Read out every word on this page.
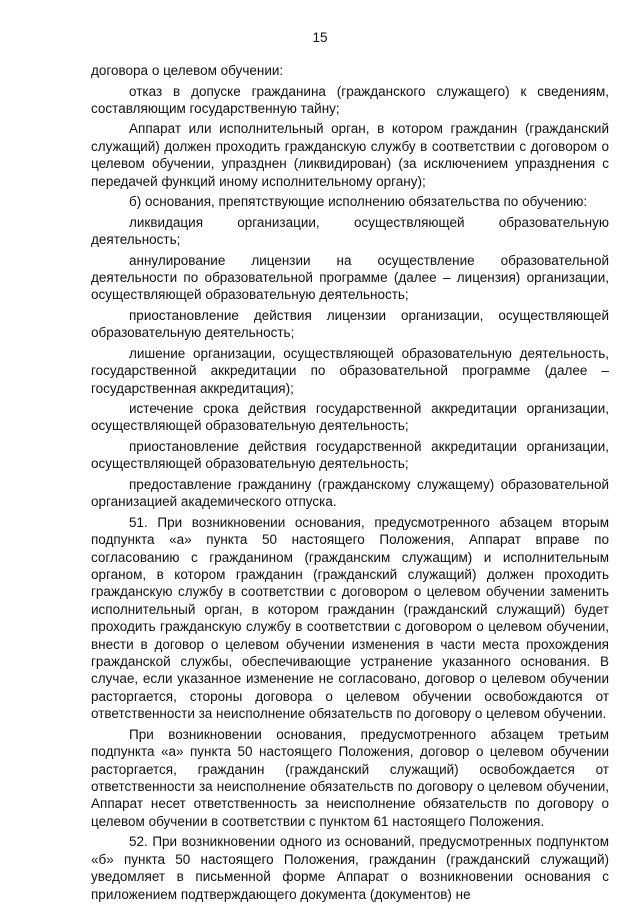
15

договора о целевом обучении:

отказ в допуске гражданина (гражданского служащего) к сведениям, составляющим государственную тайну;

Аппарат или исполнительный орган, в котором гражданин (гражданский служащий) должен проходить гражданскую службу в соответствии с договором о целевом обучении, упразднен (ликвидирован) (за исключением упразднения с передачей функций иному исполнительному органу);

б) основания, препятствующие исполнению обязательства по обучению:

ликвидация организации, осуществляющей образовательную деятельность;

аннулирование лицензии на осуществление образовательной деятельности по образовательной программе (далее – лицензия) организации, осуществляющей образовательную деятельность;

приостановление действия лицензии организации, осуществляющей образовательную деятельность;

лишение организации, осуществляющей образовательную деятельность, государственной аккредитации по образовательной программе (далее – государственная аккредитация);

истечение срока действия государственной аккредитации организации, осуществляющей образовательную деятельность;

приостановление действия государственной аккредитации организации, осуществляющей образовательную деятельность;

предоставление гражданину (гражданскому служащему) образовательной организацией академического отпуска.

51. При возникновении основания, предусмотренного абзацем вторым подпункта «а» пункта 50 настоящего Положения, Аппарат вправе по согласованию с гражданином (гражданским служащим) и исполнительным органом, в котором гражданин (гражданский служащий) должен проходить гражданскую службу в соответствии с договором о целевом обучении заменить исполнительный орган, в котором гражданин (гражданский служащий) будет проходить гражданскую службу в соответствии с договором о целевом обучении, внести в договор о целевом обучении изменения в части места прохождения гражданской службы, обеспечивающие устранение указанного основания. В случае, если указанное изменение не согласовано, договор о целевом обучении расторгается, стороны договора о целевом обучении освобождаются от ответственности за неисполнение обязательств по договору о целевом обучении.

При возникновении основания, предусмотренного абзацем третьим подпункта «а» пункта 50 настоящего Положения, договор о целевом обучении расторгается, гражданин (гражданский служащий) освобождается от ответственности за неисполнение обязательств по договору о целевом обучении, Аппарат несет ответственность за неисполнение обязательств по договору о целевом обучении в соответствии с пунктом 61 настоящего Положения.

52. При возникновении одного из оснований, предусмотренных подпунктом «б» пункта 50 настоящего Положения, гражданин (гражданский служащий) уведомляет в письменной форме Аппарат о возникновении основания с приложением подтверждающего документа (документов) не
